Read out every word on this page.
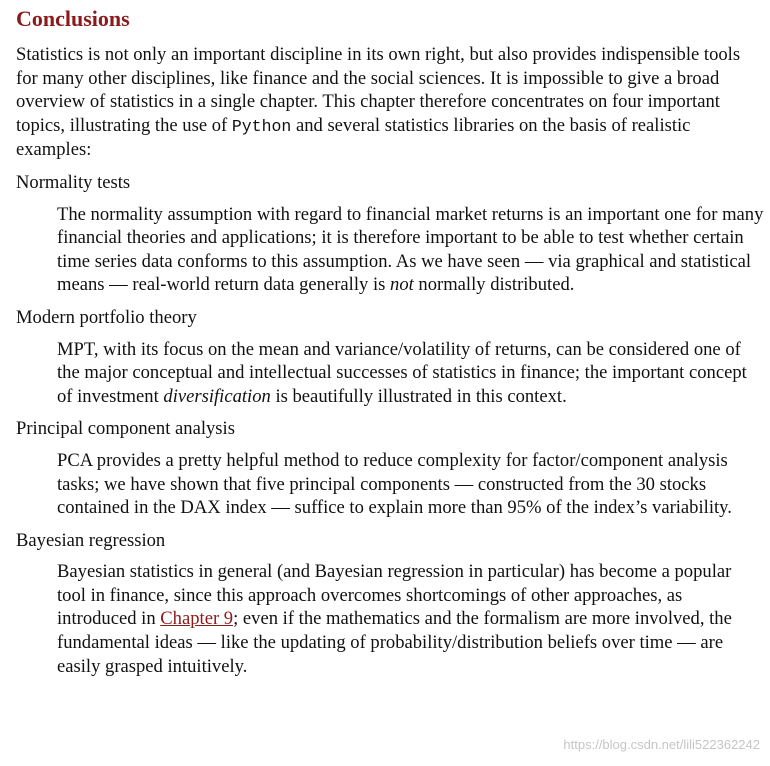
Conclusions

Statistics is not only an important discipline in its own right, but also provides indispensible tools for many other disciplines, like finance and the social sciences. It is impossible to give a broad overview of statistics in a single chapter. This chapter therefore concentrates on four important topics, illustrating the use of Python and several statistics libraries on the basis of realistic examples:

Normality tests
The normality assumption with regard to financial market returns is an important one for many financial theories and applications; it is therefore important to be able to test whether certain time series data conforms to this assumption. As we have seen — via graphical and statistical means — real-world return data generally is not normally distributed.
Modern portfolio theory
MPT, with its focus on the mean and variance/volatility of returns, can be considered one of the major conceptual and intellectual successes of statistics in finance; the important concept of investment diversification is beautifully illustrated in this context.
Principal component analysis
PCA provides a pretty helpful method to reduce complexity for factor/component analysis tasks; we have shown that five principal components — constructed from the 30 stocks contained in the DAX index — suffice to explain more than 95% of the index’s variability.
Bayesian regression
Bayesian statistics in general (and Bayesian regression in particular) has become a popular tool in finance, since this approach overcomes shortcomings of other approaches, as introduced in Chapter 9; even if the mathematics and the formalism are more involved, the fundamental ideas — like the updating of probability/distribution beliefs over time — are easily grasped intuitively.
https://blog.csdn.net/lili522362242
